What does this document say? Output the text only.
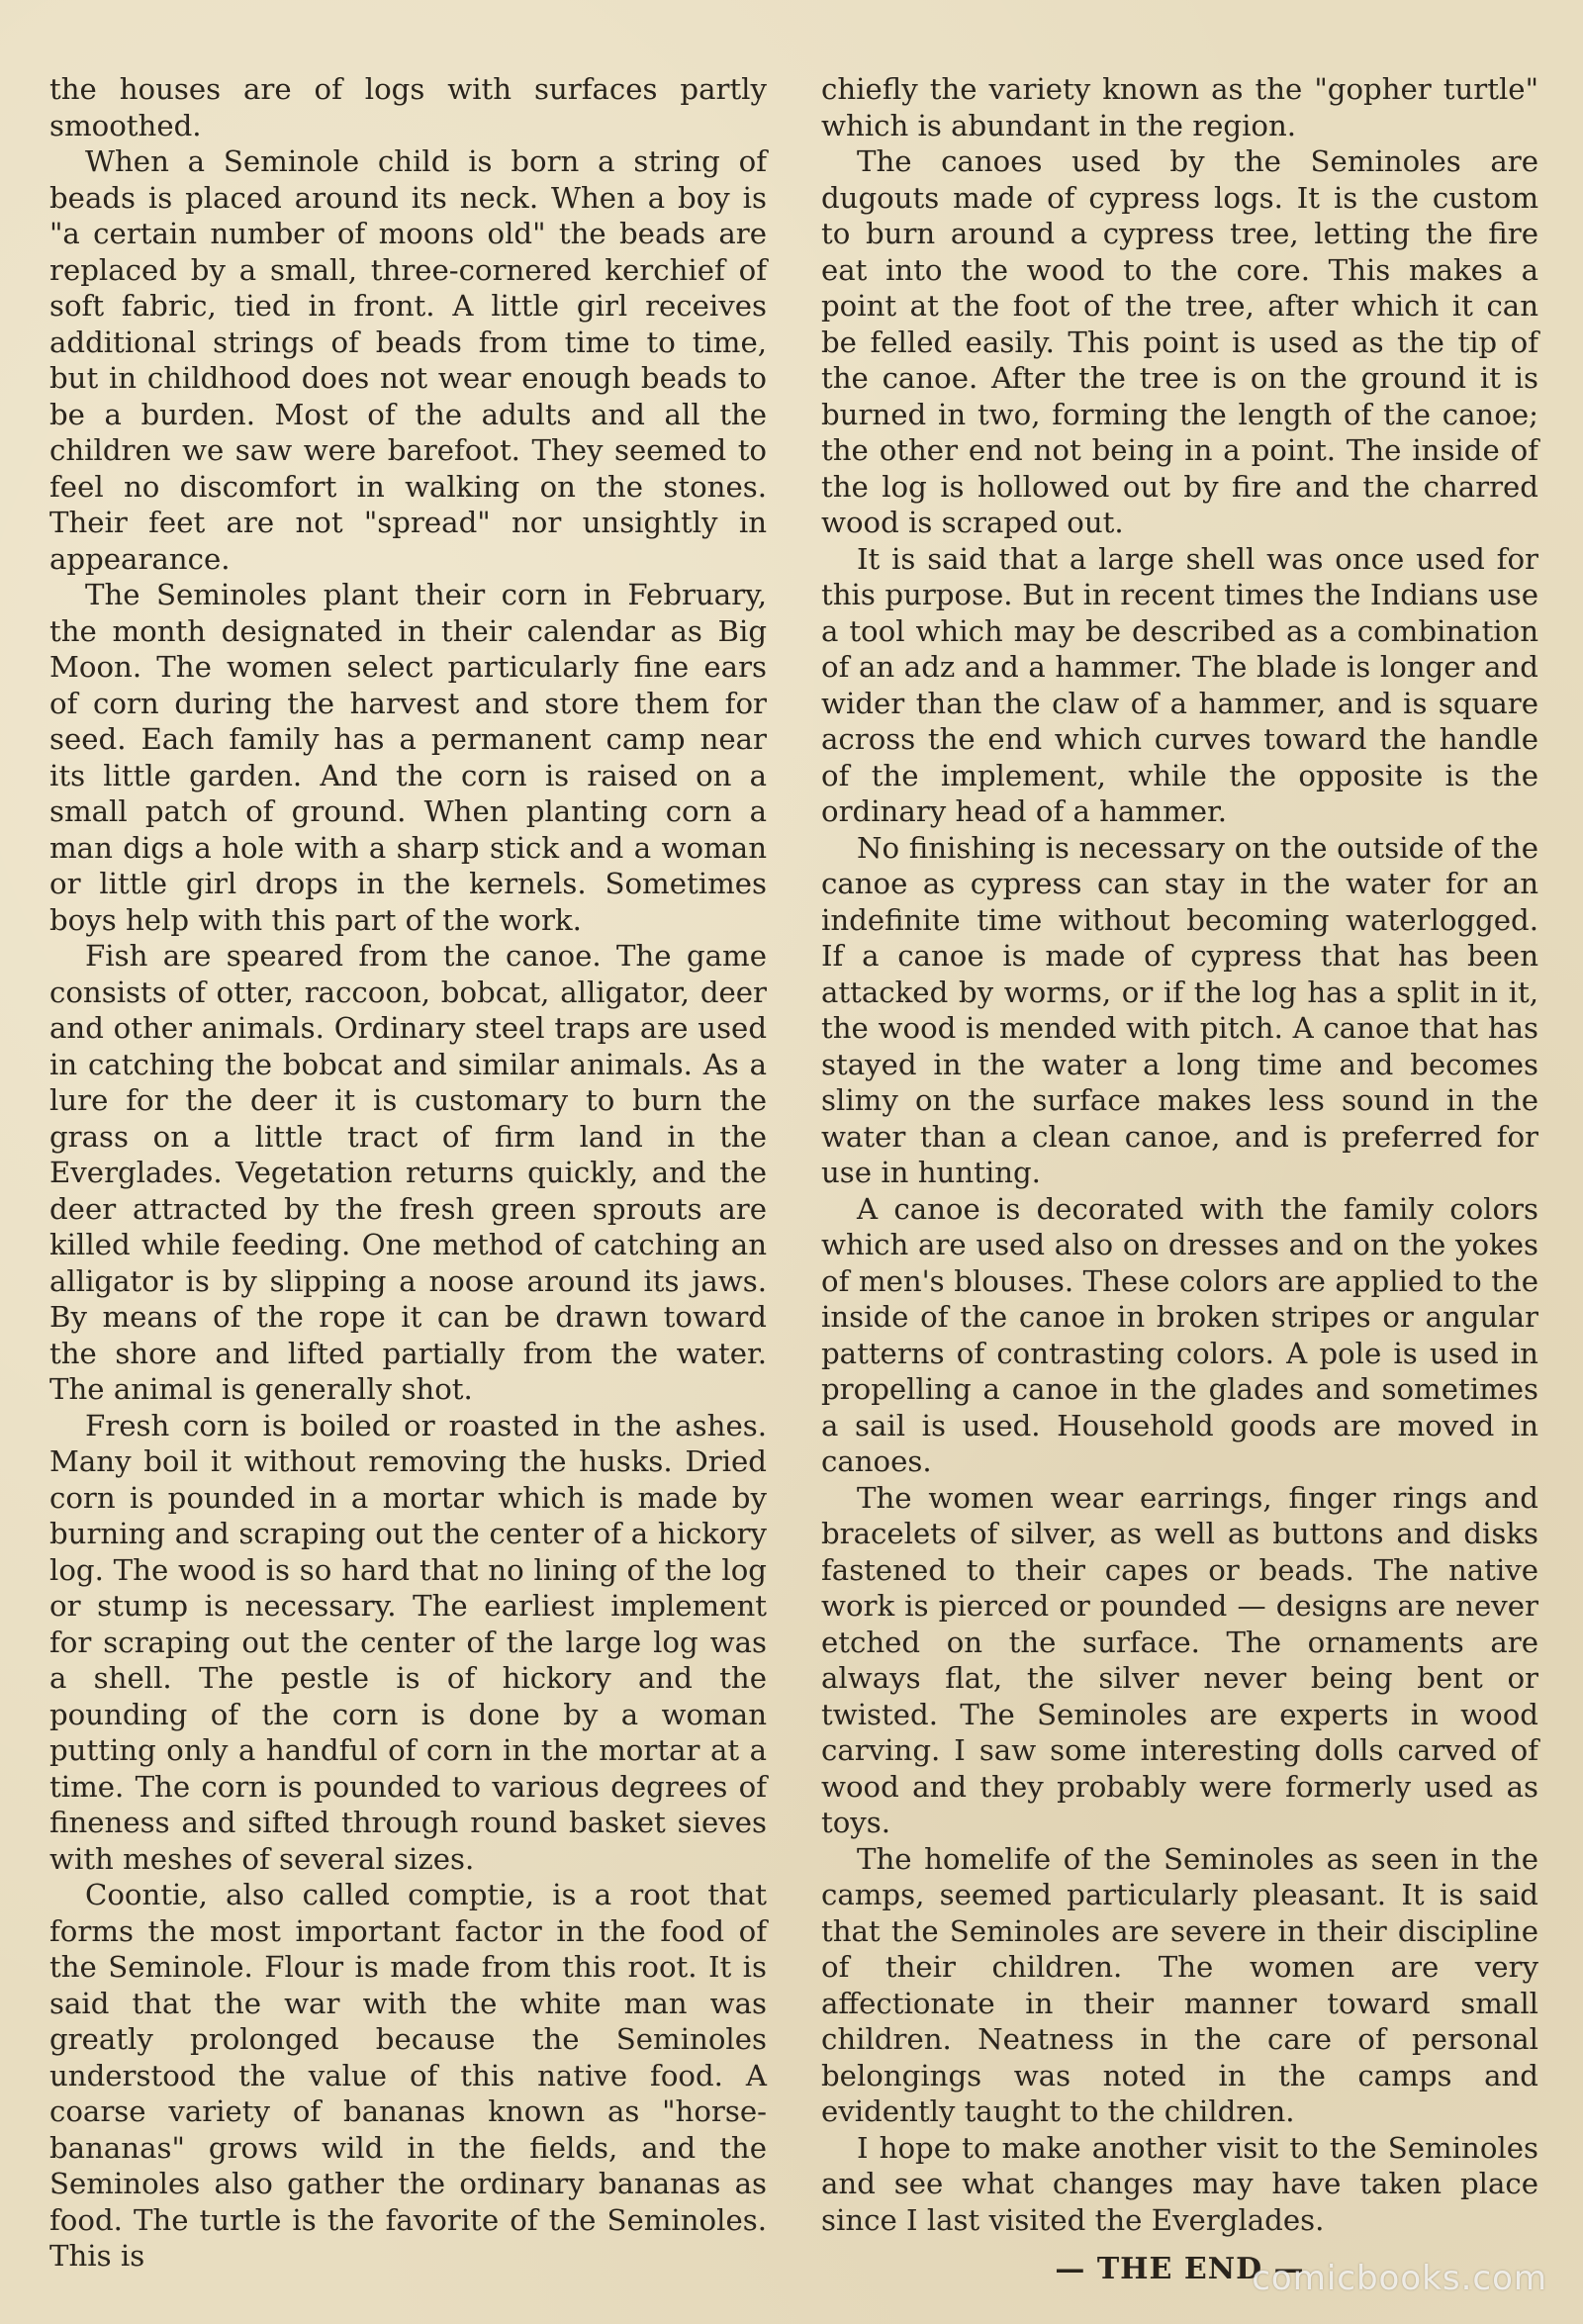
the houses are of logs with surfaces partly smoothed.

When a Seminole child is born a string of beads is placed around its neck. When a boy is "a certain number of moons old" the beads are replaced by a small, three-cornered kerchief of soft fabric, tied in front. A little girl receives additional strings of beads from time to time, but in childhood does not wear enough beads to be a burden. Most of the adults and all the children we saw were barefoot. They seemed to feel no discomfort in walking on the stones. Their feet are not "spread" nor unsightly in appearance.

The Seminoles plant their corn in February, the month designated in their calendar as Big Moon. The women select particularly fine ears of corn during the harvest and store them for seed. Each family has a permanent camp near its little garden. And the corn is raised on a small patch of ground. When planting corn a man digs a hole with a sharp stick and a woman or little girl drops in the kernels. Sometimes boys help with this part of the work.

Fish are speared from the canoe. The game consists of otter, raccoon, bobcat, alligator, deer and other animals. Ordinary steel traps are used in catching the bobcat and similar animals. As a lure for the deer it is customary to burn the grass on a little tract of firm land in the Everglades. Vegetation returns quickly, and the deer attracted by the fresh green sprouts are killed while feeding. One method of catching an alligator is by slipping a noose around its jaws. By means of the rope it can be drawn toward the shore and lifted partially from the water. The animal is generally shot.

Fresh corn is boiled or roasted in the ashes. Many boil it without removing the husks. Dried corn is pounded in a mortar which is made by burning and scraping out the center of a hickory log. The wood is so hard that no lining of the log or stump is necessary. The earliest implement for scraping out the center of the large log was a shell. The pestle is of hickory and the pounding of the corn is done by a woman putting only a handful of corn in the mortar at a time. The corn is pounded to various degrees of fineness and sifted through round basket sieves with meshes of several sizes.

Coontie, also called comptie, is a root that forms the most important factor in the food of the Seminole. Flour is made from this root. It is said that the war with the white man was greatly prolonged because the Seminoles understood the value of this native food. A coarse variety of bananas known as "horse-bananas" grows wild in the fields, and the Seminoles also gather the ordinary bananas as food. The turtle is the favorite of the Seminoles. This is

chiefly the variety known as the "gopher turtle" which is abundant in the region.

The canoes used by the Seminoles are dugouts made of cypress logs. It is the custom to burn around a cypress tree, letting the fire eat into the wood to the core. This makes a point at the foot of the tree, after which it can be felled easily. This point is used as the tip of the canoe. After the tree is on the ground it is burned in two, forming the length of the canoe; the other end not being in a point. The inside of the log is hollowed out by fire and the charred wood is scraped out.

It is said that a large shell was once used for this purpose. But in recent times the Indians use a tool which may be described as a combination of an adz and a hammer. The blade is longer and wider than the claw of a hammer, and is square across the end which curves toward the handle of the implement, while the opposite is the ordinary head of a hammer.

No finishing is necessary on the outside of the canoe as cypress can stay in the water for an indefinite time without becoming waterlogged. If a canoe is made of cypress that has been attacked by worms, or if the log has a split in it, the wood is mended with pitch. A canoe that has stayed in the water a long time and becomes slimy on the surface makes less sound in the water than a clean canoe, and is preferred for use in hunting.

A canoe is decorated with the family colors which are used also on dresses and on the yokes of men's blouses. These colors are applied to the inside of the canoe in broken stripes or angular patterns of contrasting colors. A pole is used in propelling a canoe in the glades and sometimes a sail is used. Household goods are moved in canoes.

The women wear earrings, finger rings and bracelets of silver, as well as buttons and disks fastened to their capes or beads. The native work is pierced or pounded — designs are never etched on the surface. The ornaments are always flat, the silver never being bent or twisted. The Seminoles are experts in wood carving. I saw some interesting dolls carved of wood and they probably were formerly used as toys.

The homelife of the Seminoles as seen in the camps, seemed particularly pleasant. It is said that the Seminoles are severe in their discipline of their children. The women are very affectionate in their manner toward small children. Neatness in the care of personal belongings was noted in the camps and evidently taught to the children.

I hope to make another visit to the Seminoles and see what changes may have taken place since I last visited the Everglades.

— THE END —
comicbooks.com
